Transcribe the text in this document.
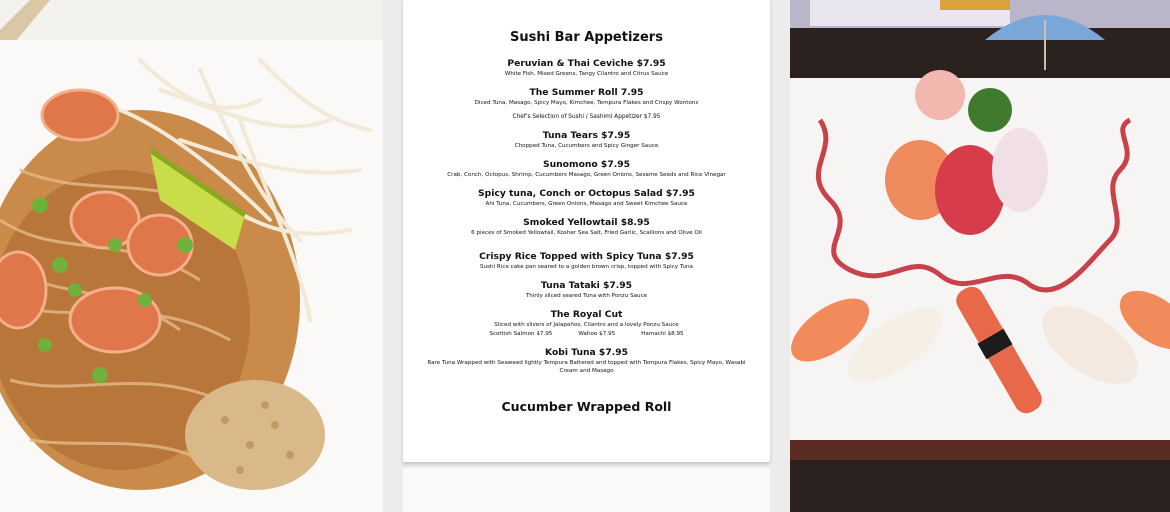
Sushi Bar Appetizers
Peruvian & Thai Ceviche $7.95
White Fish, Mixed Greens, Tangy Cilantro and Citrus Sauce
The Summer Roll 7.95
Diced Tuna, Masago, Spicy Mayo, Kimchee, Tempura Flakes and Crispy Wontons
Chef's Selection of Sushi / Sashimi Appetizer $7.95
Tuna Tears $7.95
Chopped Tuna, Cucumbers and Spicy Ginger Sauce
Sunomono $7.95
Crab, Conch, Octopus, Shrimp, Cucumbers Masago, Green Onions, Sesame Seeds and Rice Vinegar
Spicy tuna, Conch or Octopus Salad $7.95
Ahi Tuna, Cucumbers, Green Onions, Masago and Sweet Kimchee Sauce
Smoked Yellowtail $8.95
6 pieces of Smoked Yellowtail, Kosher Sea Salt, Fried Garlic, Scallions and Olive Oil
Crispy Rice Topped with Spicy Tuna $7.95
Sushi Rice cake pan seared to a golden brown crisp, topped with Spicy Tuna
Tuna Tataki $7.95
Thinly sliced seared Tuna with Ponzu Sauce
The Royal Cut
Sliced with slivers of Jalapeños, Cilantro and a lovely Ponzu Sauce
Scottish Salmon $7.95	Wahoo $7.95	Hamachi $8.95
Kobi Tuna $7.95
Rare Tuna Wrapped with Seaweed lightly Tempura Battered and topped with Tempura Flakes, Spicy Mayo, Wasabi Cream and Masago
Cucumber Wrapped Roll
